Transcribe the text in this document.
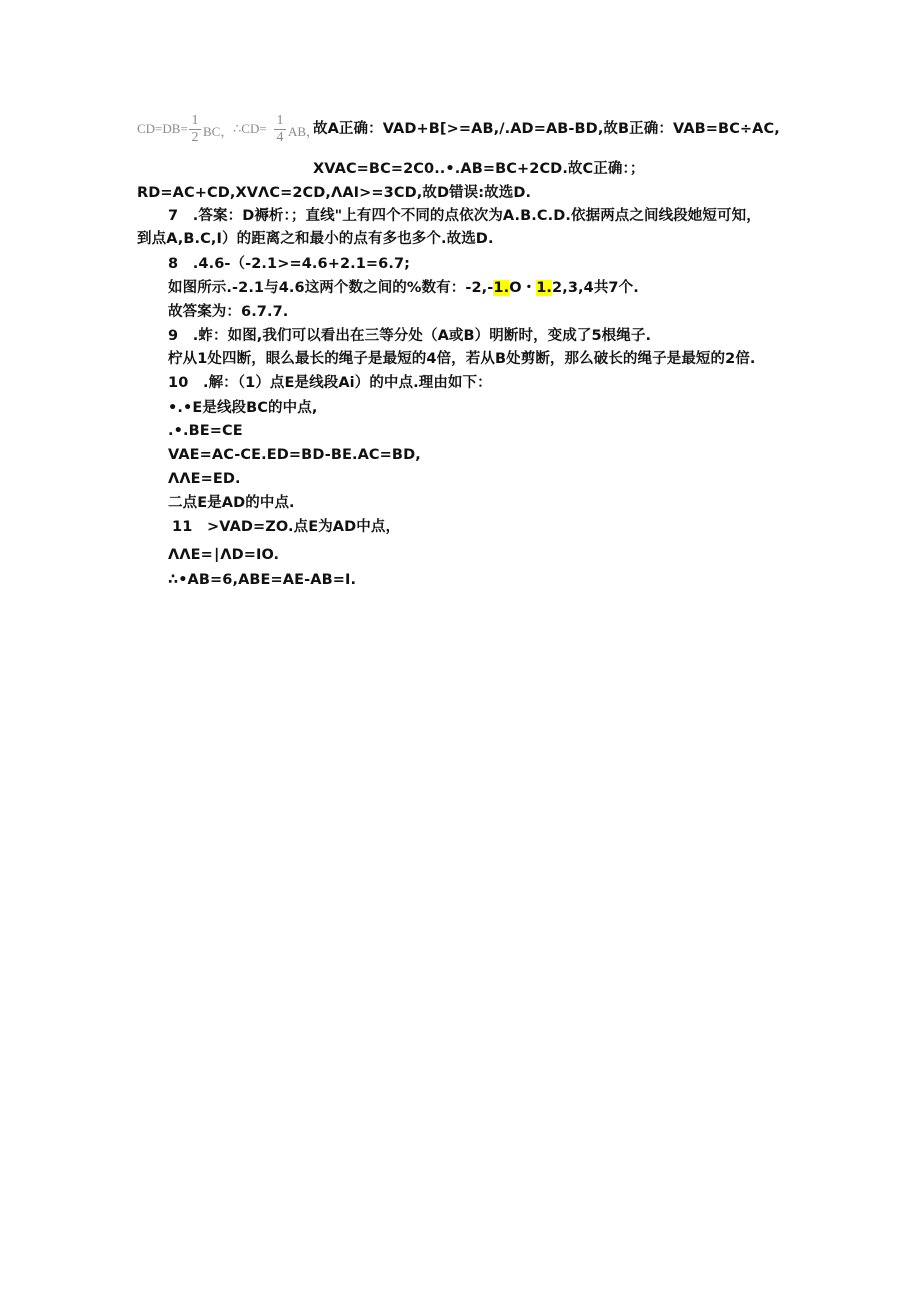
CD=DB=
1
2 BC， ∴CD=
1
4 AB，
故A正确：VAD+B[>=AB,/.AD=AB-BD,故B正确：VAB=BC÷AC,
XVAC=BC=2C0..•.AB=BC+2CD.故C正确：；
RD=AC+CD,XVΛC=2CD,ΛAI>=3CD,故D错误:故选D.
7　.答案：D褥析：；直线"上有四个不同的点依次为A.B.C.D.依据两点之间线段她短可知，
到点A,B.C,I）的距离之和最小的点有多也多个.故选D.
8　.4.6-（-2.1>=4.6+2.1=6.7;
如图所示.-2.1与4.6这两个数之间的%数有：-2,-1.O・1.2,3,4共7个.
故答案为：6.7.7.
9　.蚱：如图,我们可以看出在三等分处（A或B）明断时，变成了5根绳子.
柠从1处四断，眼么最长的绳子是最短的4倍，若从B处剪断，那么破长的绳子是最短的2倍.
10　.解：（1）点E是线段Ai）的中点.理由如下：
•.•E是线段BC的中点,
.•.BE=CE
VAE=AC-CE.ED=BD-BE.AC=BD,
ΛΛE=ED.
二点E是AD的中点.
11　>VAD=ZO.点E为AD中点，
ΛΛE=∣ΛD=IO.
∴•AB=6,ABE=AE-AB=I.
